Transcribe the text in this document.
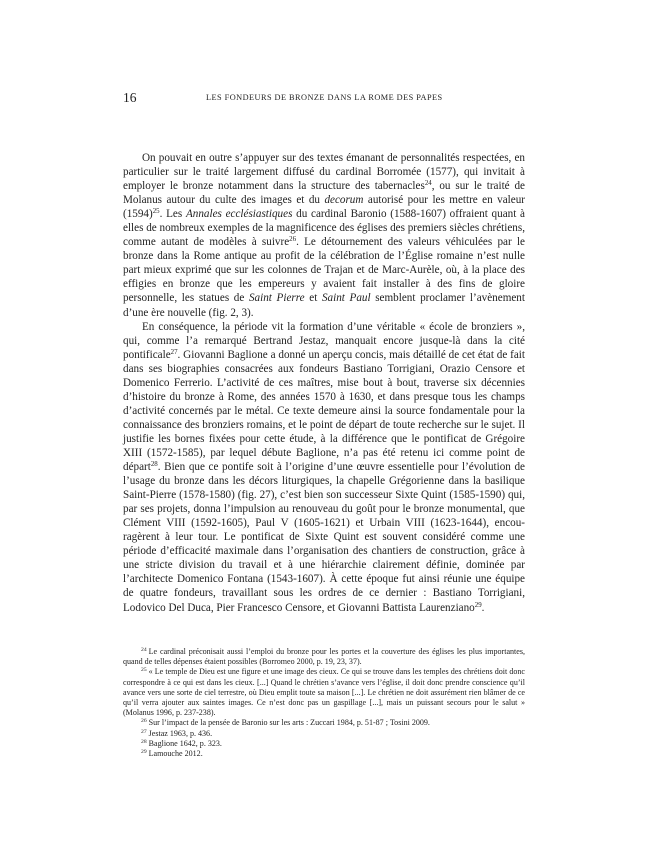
16	LES FONDEURS DE BRONZE DANS LA ROME DES PAPES

On pouvait en outre s’appuyer sur des textes émanant de personnalités respectées, en particulier sur le traité largement diffusé du cardinal Borromée (1577), qui invitait à employer le bronze notamment dans la structure des tabernacles$^{24}$, ou sur le traité de Molanus autour du culte des images et du decorum autorisé pour les mettre en valeur $(1594)^{25}$. Les Annales ecclésiastiques du cardinal Baronio (1588-1607) offraient quant à elles de nombreux exemples de la magnificence des églises des premiers siècles chrétiens, comme autant de modèles à suivre$^{26}$. Le détournement des valeurs véhiculées par le bronze dans la Rome antique au profit de la célébration de l’Église romaine n’est nulle part mieux exprimé que sur les colonnes de Trajan et de Marc-Aurèle, où, à la place des effigies en bronze que les empereurs y avaient fait installer à des fins de gloire personnelle, les statues de Saint Pierre et Saint Paul semblent proclamer l’avènement d’une ère nouvelle (fig. 2, 3).

En conséquence, la période vit la formation d’une véritable « école de bronziers », qui, comme l’a remarqué Bertrand Jestaz, manquait encore jusque-là dans la cité pontificale$^{27}$. Giovanni Baglione a donné un aperçu concis, mais détaillé de cet état de fait dans ses biographies consacrées aux fondeurs Bastiano Torrigiani, Orazio Censore et Domenico Ferrerio. L’activité de ces maîtres, mise bout à bout, traverse six décennies d’histoire du bronze à Rome, des années 1570 à 1630, et dans presque tous les champs d’activité concernés par le métal. Ce texte demeure ainsi la source fondamentale pour la connaissance des bronziers romains, et le point de départ de toute recherche sur le sujet. Il justifie les bornes fixées pour cette étude, à la différence que le pontificat de Grégoire XIII (1572-1585), par lequel débute Baglione, n’a pas été retenu ici comme point de départ$^{28}$. Bien que ce pontife soit à l’origine d’une œuvre essentielle pour l’évolution de l’usage du bronze dans les décors liturgiques, la chapelle Grégorienne dans la basilique Saint-Pierre (1578-1580) (fig. 27), c’est bien son successeur Sixte Quint (1585-1590) qui, par ses projets, donna l’impulsion au renouveau du goût pour le bronze monumental, que Clément VIII (1592-1605), Paul V (1605-1621) et Urbain VIII (1623-1644), encouragèrent à leur tour. Le pontificat de Sixte Quint est souvent considéré comme une période d’efficacité maximale dans l’organisation des chantiers de construction, grâce à une stricte division du travail et à une hiérarchie clairement définie, dominée par l’architecte Domenico Fontana (1543-1607). À cette époque fut ainsi réunie une équipe de quatre fondeurs, travaillant sous les ordres de ce dernier : Bastiano Torrigiani, Lodovico Del Duca, Pier Francesco Censore, et Giovanni Battista Laurenziano$^{29}$.

$^{24}$ Le cardinal préconisait aussi l’emploi du bronze pour les portes et la couverture des églises les plus importantes, quand de telles dépenses étaient possibles (Borromeo 2000, p. 19, 23, 37).

$^{25}$ « Le temple de Dieu est une figure et une image des cieux. Ce qui se trouve dans les temples des chrétiens doit donc correspondre à ce qui est dans les cieux. [...] Quand le chrétien s’avance vers l’église, il doit donc prendre conscience qu’il avance vers une sorte de ciel terrestre, où Dieu emplit toute sa maison [...]. Le chrétien ne doit assurément rien blâmer de ce qu’il verra ajouter aux saintes images. Ce n’est donc pas un gaspillage [...], mais un puissant secours pour le salut » (Molanus 1996, p. 237-238).

$^{26}$ Sur l’impact de la pensée de Baronio sur les arts : Zuccari 1984, p. 51-87 ; Tosini 2009.

$^{27}$ Jestaz 1963, p. 436.

$^{28}$ Baglione 1642, p. 323.

$^{29}$ Lamouche 2012.
